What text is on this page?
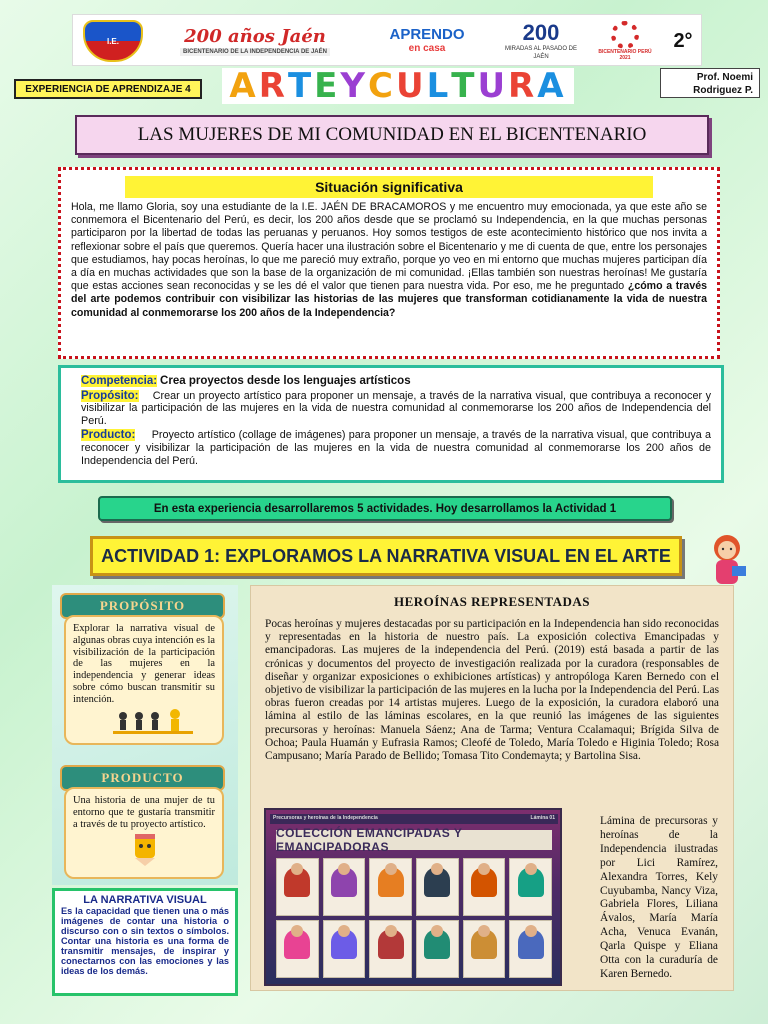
I.E.	200 años Jaén
BICENTENARIO DE LA INDEPENDENCIA DE JAÉN
APRENDO
en casa
200
MIRADAS AL PASADO DE JAÉN
BICENTENARIO PERÚ 2021
2°
EXPERIENCIA DE APRENDIZAJE 4	A R T E Y C U L T U R A	Prof. Noemi
Rodriguez P.
LAS MUJERES DE MI COMUNIDAD EN EL BICENTENARIO
Situación significativa
Hola, me llamo Gloria, soy una estudiante de la I.E. JAÉN DE BRACAMOROS y me encuentro muy emocionada, ya que este año se conmemora el Bicentenario del Perú, es decir, los 200 años desde que se proclamó su Independencia, en la que muchas personas participaron por la libertad de todas las peruanas y peruanos. Hoy somos testigos de este acontecimiento histórico que nos invita a reflexionar sobre el país que queremos. Quería hacer una ilustración sobre el Bicentenario y me di cuenta de que, entre los personajes que estudiamos, hay pocas heroínas, lo que me pareció muy extraño, porque yo veo en mi entorno que muchas mujeres participan día a día en muchas actividades que son la base de la organización de mi comunidad. ¡Ellas también son nuestras heroínas! Me gustaría que estas acciones sean reconocidas y se les dé el valor que tienen para nuestra vida. Por eso, me he preguntado ¿cómo a través del arte podemos contribuir con visibilizar las historias de las mujeres que transforman cotidianamente la vida de nuestra comunidad al conmemorarse los 200 años de la Independencia?
Competencia: Crea proyectos desde los lenguajes artísticos
Propósito: Crear un proyecto artístico para proponer un mensaje, a través de la narrativa visual, que contribuya a reconocer y visibilizar la participación de las mujeres en la vida de nuestra comunidad al conmemorarse los 200 años de Independencia del Perú.
Producto: Proyecto artístico (collage de imágenes) para proponer un mensaje, a través de la narrativa visual, que contribuya a reconocer y visibilizar la participación de las mujeres en la vida de nuestra comunidad al conmemorarse los 200 años de Independencia del Perú.
En esta experiencia desarrollaremos 5 actividades. Hoy desarrollamos la Actividad 1
ACTIVIDAD 1: EXPLORAMOS LA NARRATIVA VISUAL EN EL ARTE
PROPÓSITO
Explorar la narrativa visual de algunas obras cuya intención es la visibilización de la participación de las mujeres en la independencia y generar ideas sobre cómo buscan transmitir su intención.
PRODUCTO
Una historia de una mujer de tu entorno que te gustaría transmitir a través de tu proyecto artístico.
LA NARRATIVA VISUAL
Es la capacidad que tienen una o más imágenes de contar una historia o discurso con o sin textos o símbolos. Contar una historia es una forma de transmitir mensajes, de inspirar y conectarnos con las emociones y las ideas de los demás.
HEROÍNAS REPRESENTADAS
Pocas heroínas y mujeres destacadas por su participación en la Independencia han sido reconocidas y representadas en la historia de nuestro país. La exposición colectiva Emancipadas y emancipadoras. Las mujeres de la independencia del Perú. (2019) está basada a partir de las crónicas y documentos del proyecto de investigación realizada por la curadora (responsables de diseñar y organizar exposiciones o exhibiciones artísticas) y antropóloga Karen Bernedo con el objetivo de visibilizar la participación de las mujeres en la lucha por la Independencia del Perú. Las obras fueron creadas por 14 artistas mujeres. Luego de la exposición, la curadora elaboró una lámina al estilo de las láminas escolares, en la que reunió las imágenes de las siguientes precursoras y heroínas: Manuela Sáenz; Ana de Tarma; Ventura Ccalamaqui; Brígida Silva de Ochoa; Paula Huamán y Eufrasia Ramos; Cleofé de Toledo, María Toledo e Higinia Toledo; Rosa Campusano; María Parado de Bellido; Tomasa Tito Condemayta; y Bartolina Sisa.
Precursoras y heroínas de la Independencia	Lámina 01
COLECCIÓN EMANCIPADAS Y EMANCIPADORAS
Lámina de precursoras y heroínas de la Independencia ilustradas por Lici Ramírez, Alexandra Torres, Kely Cuyubamba, Nancy Viza, Gabriela Flores, Liliana Ávalos, María María Acha, Venuca Evanán, Qarla Quispe y Eliana Otta con la curaduría de Karen Bernedo.
